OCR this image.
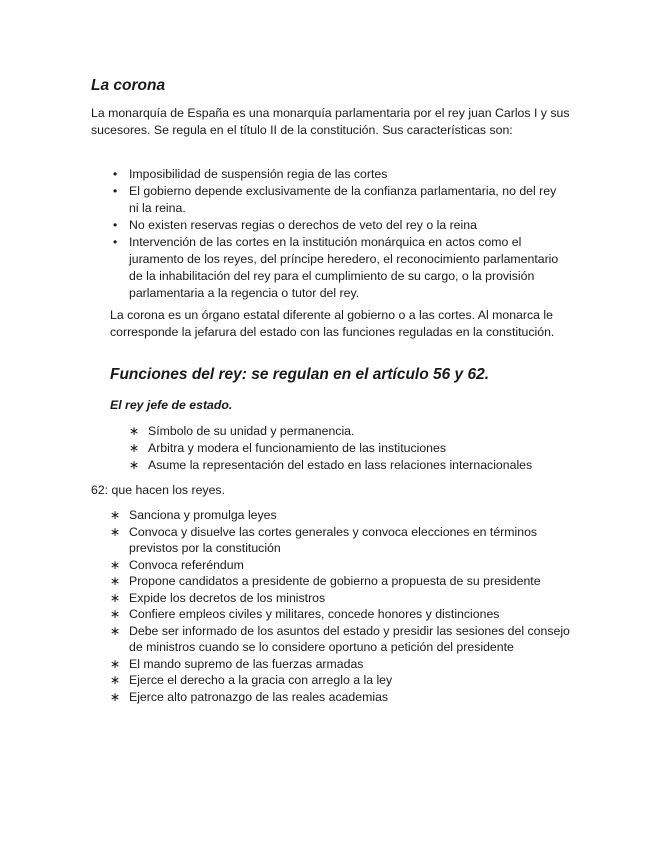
La corona

La monarquía de España es una monarquía parlamentaria por el rey juan Carlos I y sus sucesores. Se regula en el título II de la constitución. Sus características son:

• Imposibilidad de suspensión regia de las cortes
• El gobierno depende exclusivamente de la confianza parlamentaria, no del rey ni la reina.
• No existen reservas regias o derechos de veto del rey o la reina
• Intervención de las cortes en la institución monárquica en actos como el juramento de los reyes, del príncipe heredero, el reconocimiento parlamentario de la inhabilitación del rey para el cumplimiento de su cargo, o la provisión parlamentaria a la regencia o tutor del rey.

La corona es un órgano estatal diferente al gobierno o a las cortes. Al monarca le corresponde la jefarura del estado con las funciones reguladas en la constitución.

Funciones del rey: se regulan en el artículo 56 y 62.
El rey jefe de estado.
∗ Símbolo de su unidad y permanencia.
∗ Arbitra y modera el funcionamiento de las instituciones
∗ Asume la representación del estado en lass relaciones internacionales

62: que hacen los reyes.

∗ Sanciona y promulga leyes
∗ Convoca y disuelve las cortes generales y convoca elecciones en términos previstos por la constitución
∗ Convoca referéndum
∗ Propone candidatos a presidente de gobierno a propuesta de su presidente
∗ Expide los decretos de los ministros
∗ Confiere empleos civiles y militares, concede honores y distinciones
∗ Debe ser informado de los asuntos del estado y presidir las sesiones del consejo de ministros cuando se lo considere oportuno a petición del presidente
∗ El mando supremo de las fuerzas armadas
∗ Ejerce el derecho a la gracia con arreglo a la ley
∗ Ejerce alto patronazgo de las reales academias
